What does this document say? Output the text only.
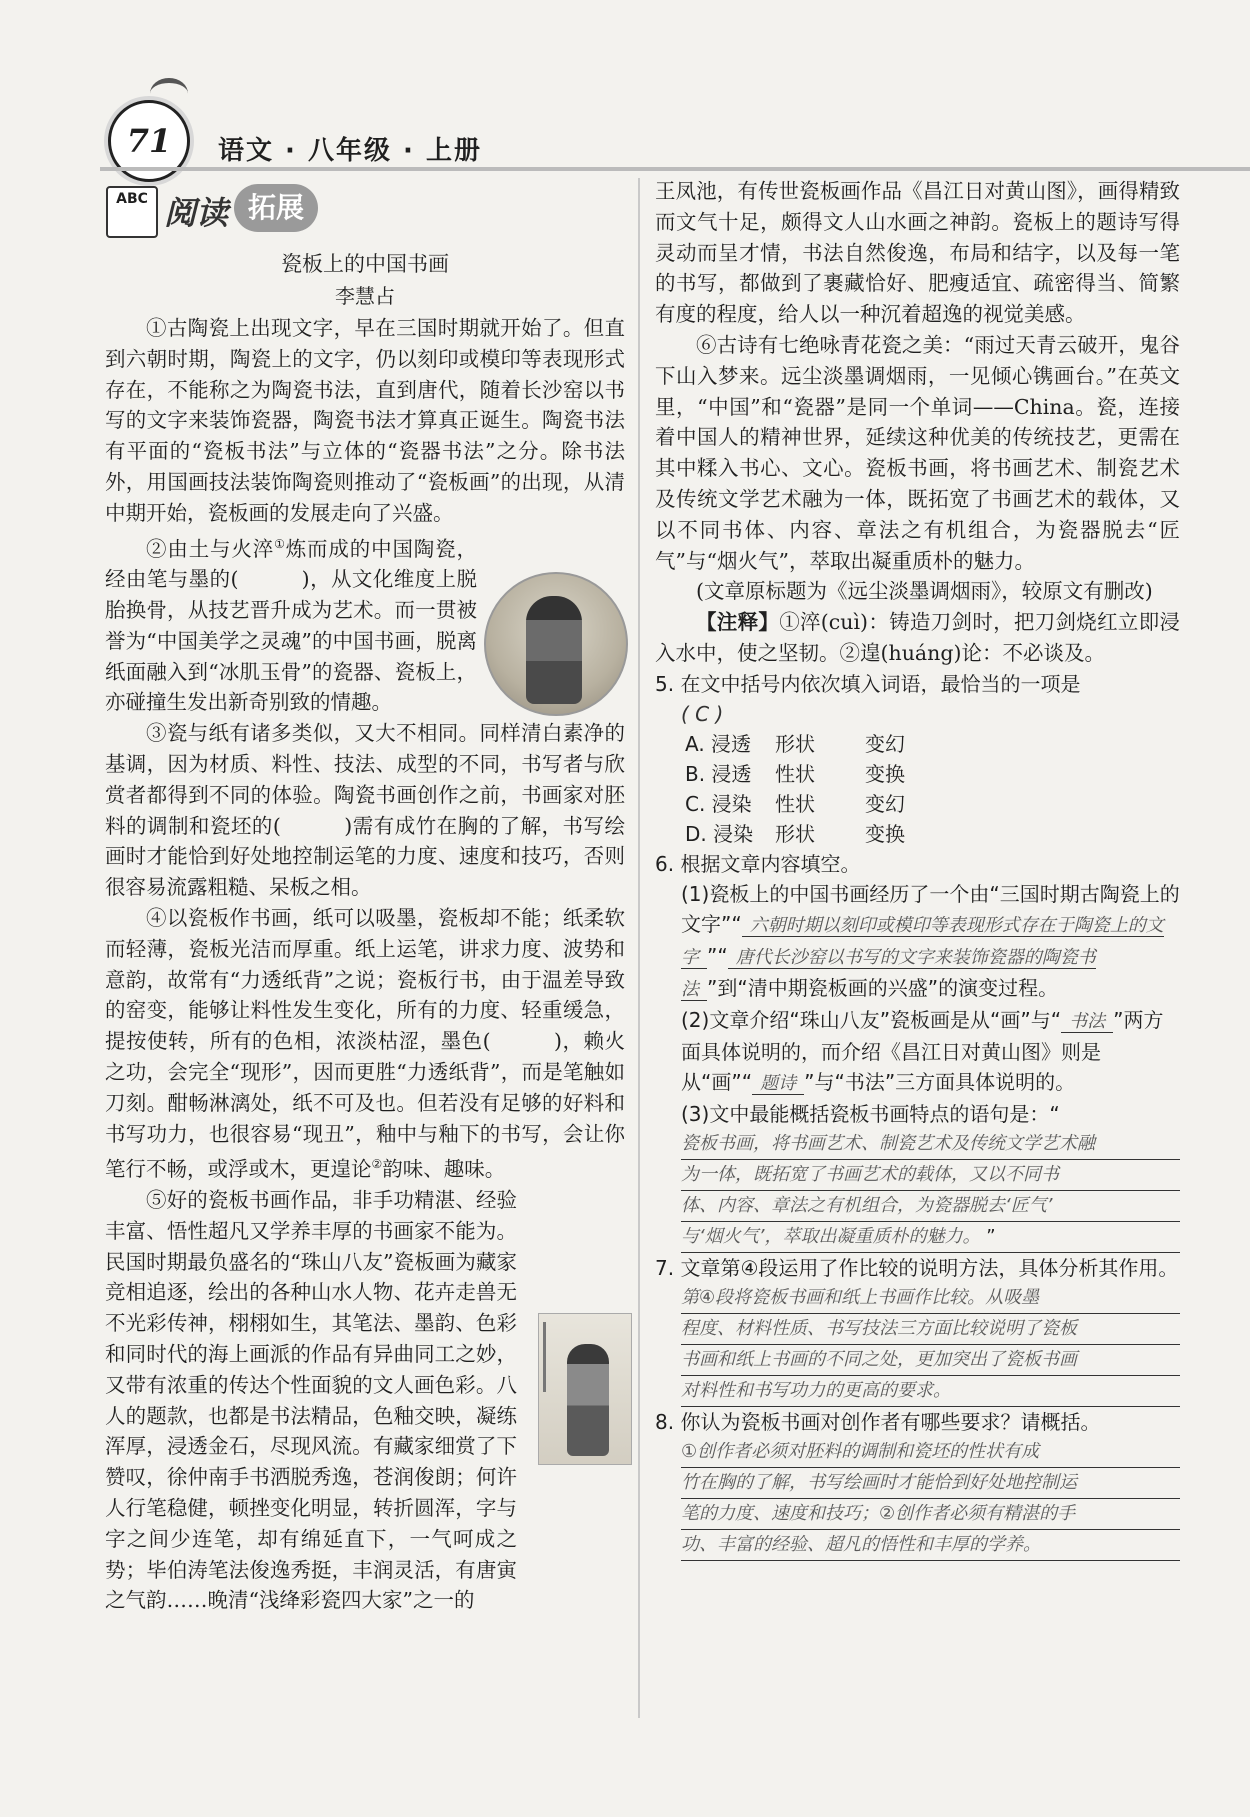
71	语文 · 八年级 · 上册
ABC 阅读 拓展
瓷板上的中国书画
李慧占

①古陶瓷上出现文字，早在三国时期就开始了。但直到六朝时期，陶瓷上的文字，仍以刻印或模印等表现形式存在，不能称之为陶瓷书法，直到唐代，随着长沙窑以书写的文字来装饰瓷器，陶瓷书法才算真正诞生。陶瓷书法有平面的“瓷板书法”与立体的“瓷器书法”之分。除书法外，用国画技法装饰陶瓷则推动了“瓷板画”的出现，从清中期开始，瓷板画的发展走向了兴盛。

②由土与火淬①炼而成的中国陶瓷，经由笔与墨的(　　　)，从文化维度上脱胎换骨，从技艺晋升成为艺术。而一贯被誉为“中国美学之灵魂”的中国书画，脱离纸面融入到“冰肌玉骨”的瓷器、瓷板上，亦碰撞生发出新奇别致的情趣。

③瓷与纸有诸多类似，又大不相同。同样清白素净的基调，因为材质、料性、技法、成型的不同，书写者与欣赏者都得到不同的体验。陶瓷书画创作之前，书画家对胚料的调制和瓷坯的(　　　)需有成竹在胸的了解，书写绘画时才能恰到好处地控制运笔的力度、速度和技巧，否则很容易流露粗糙、呆板之相。

④以瓷板作书画，纸可以吸墨，瓷板却不能；纸柔软而轻薄，瓷板光洁而厚重。纸上运笔，讲求力度、波势和意韵，故常有“力透纸背”之说；瓷板行书，由于温差导致的窑变，能够让料性发生变化，所有的力度、轻重缓急，提按使转，所有的色相，浓淡枯涩，墨色(　　　)，赖火之功，会完全“现形”，因而更胜“力透纸背”，而是笔触如刀刻。酣畅淋漓处，纸不可及也。但若没有足够的好料和书写功力，也很容易“现丑”，釉中与釉下的书写，会让你笔行不畅，或浮或木，更遑论②韵味、趣味。

⑤好的瓷板书画作品，非手功精湛、经验丰富、悟性超凡又学养丰厚的书画家不能为。民国时期最负盛名的“珠山八友”瓷板画为藏家竞相追逐，绘出的各种山水人物、花卉走兽无不光彩传神，栩栩如生，其笔法、墨韵、色彩和同时代的海上画派的作品有异曲同工之妙，又带有浓重的传达个性面貌的文人画色彩。八人的题款，也都是书法精品，色釉交映，凝练浑厚，浸透金石，尽现风流。有藏家细赏了下赞叹，徐仲南手书洒脱秀逸，苍润俊朗；何许人行笔稳健，顿挫变化明显，转折圆浑，字与字之间少连笔，却有绵延直下，一气呵成之势；毕伯涛笔法俊逸秀挺，丰润灵活，有唐寅之气韵……晚清“浅绛彩瓷四大家”之一的

王凤池，有传世瓷板画作品《昌江日对黄山图》，画得精致而文气十足，颇得文人山水画之神韵。瓷板上的题诗写得灵动而呈才情，书法自然俊逸，布局和结字，以及每一笔的书写，都做到了裹藏恰好、肥瘦适宜、疏密得当、简繁有度的程度，给人以一种沉着超逸的视觉美感。

⑥古诗有七绝咏青花瓷之美：“雨过天青云破开，鬼谷下山入梦来。远尘淡墨调烟雨，一见倾心镌画台。”在英文里，“中国”和“瓷器”是同一个单词——China。瓷，连接着中国人的精神世界，延续这种优美的传统技艺，更需在其中糅入书心、文心。瓷板书画，将书画艺术、制瓷艺术及传统文学艺术融为一体，既拓宽了书画艺术的载体，又以不同书体、内容、章法之有机组合，为瓷器脱去“匠气”与“烟火气”，萃取出凝重质朴的魅力。

(文章原标题为《远尘淡墨调烟雨》，较原文有删改)

【注释】①淬(cuì)：铸造刀剑时，把刀剑烧红立即浸入水中，使之坚韧。②遑(huáng)论：不必谈及。

5. 在文中括号内依次填入词语，最恰当的一项是
( C )
A. 浸透 形状	变幻
B. 浸透 性状	变换
C. 浸染 性状	变幻
D. 浸染 形状	变换
6. 根据文章内容填空。
(1)瓷板上的中国书画经历了一个由“三国时期古陶瓷上的文字”“ 六朝时期以刻印或模印等表现形式存在于陶瓷上的文字 ”“ 唐代长沙窑以书写的文字来装饰瓷器的陶瓷书法 ”到“清中期瓷板画的兴盛”的演变过程。
(2)文章介绍“珠山八友”瓷板画是从“画”与“ 书法 ”两方面具体说明的，而介绍《昌江日对黄山图》则是从“画”“ 题诗 ”与“书法”三方面具体说明的。
(3)文中最能概括瓷板书画特点的语句是：“
瓷板书画，将书画艺术、制瓷艺术及传统文学艺术融
为一体，既拓宽了书画艺术的载体，又以不同书
体、内容、章法之有机组合，为瓷器脱去‘匠气’
与‘烟火气’，萃取出凝重质朴的魅力。 ”
7. 文章第④段运用了作比较的说明方法，具体分析其作用。
第④段将瓷板书画和纸上书画作比较。从吸墨
程度、材料性质、书写技法三方面比较说明了瓷板
书画和纸上书画的不同之处，更加突出了瓷板书画
对料性和书写功力的更高的要求。
8. 你认为瓷板书画对创作者有哪些要求？请概括。
①创作者必须对胚料的调制和瓷坯的性状有成
竹在胸的了解，书写绘画时才能恰到好处地控制运
笔的力度、速度和技巧；②创作者必须有精湛的手
功、丰富的经验、超凡的悟性和丰厚的学养。
